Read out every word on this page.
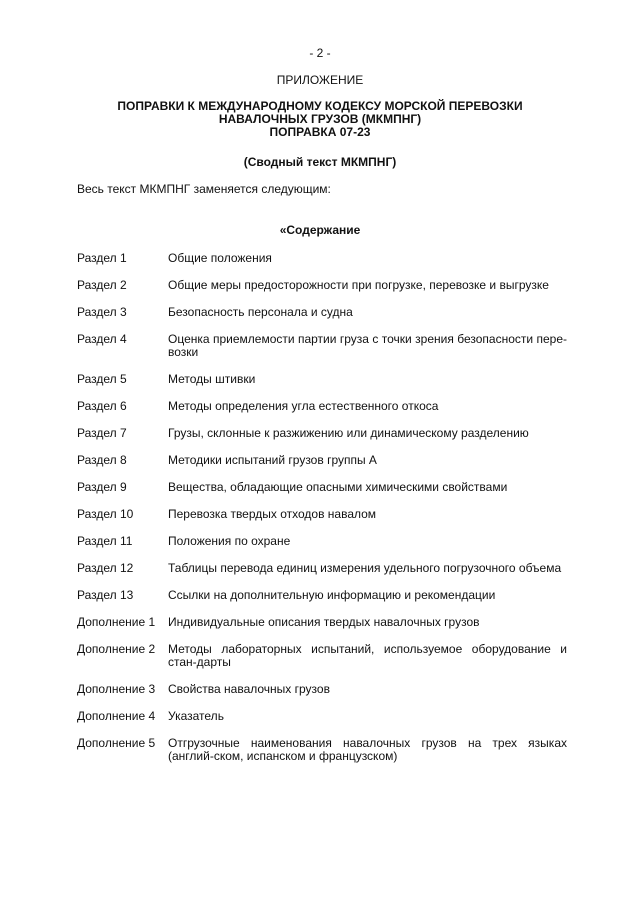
- 2 -
ПРИЛОЖЕНИЕ
ПОПРАВКИ К МЕЖДУНАРОДНОМУ КОДЕКСУ МОРСКОЙ ПЕРЕВОЗКИ
НАВАЛОЧНЫХ ГРУЗОВ (МКМПНГ)
ПОПРАВКА 07-23
(Сводный текст МКМПНГ)
Весь текст МКМПНГ заменяется следующим:
«Содержание
Раздел 1	Общие положения
Раздел 2	Общие меры предосторожности при погрузке, перевозке и выгрузке
Раздел 3	Безопасность персонала и судна
Раздел 4	Оценка приемлемости партии груза с точки зрения безопасности пере-возки
Раздел 5	Методы штивки
Раздел 6	Методы определения угла естественного откоса
Раздел 7	Грузы, склонные к разжижению или динамическому разделению
Раздел 8	Методики испытаний грузов группы А
Раздел 9	Вещества, обладающие опасными химическими свойствами
Раздел 10	Перевозка твердых отходов навалом
Раздел 11	Положения по охране
Раздел 12	Таблицы перевода единиц измерения удельного погрузочного объема
Раздел 13	Ссылки на дополнительную информацию и рекомендации
Дополнение 1	Индивидуальные описания твердых навалочных грузов
Дополнение 2	Методы лабораторных испытаний, используемое оборудование и стан-дарты
Дополнение 3	Свойства навалочных грузов
Дополнение 4	Указатель
Дополнение 5	Отгрузочные наименования навалочных грузов на трех языках (англий-ском, испанском и французском)
